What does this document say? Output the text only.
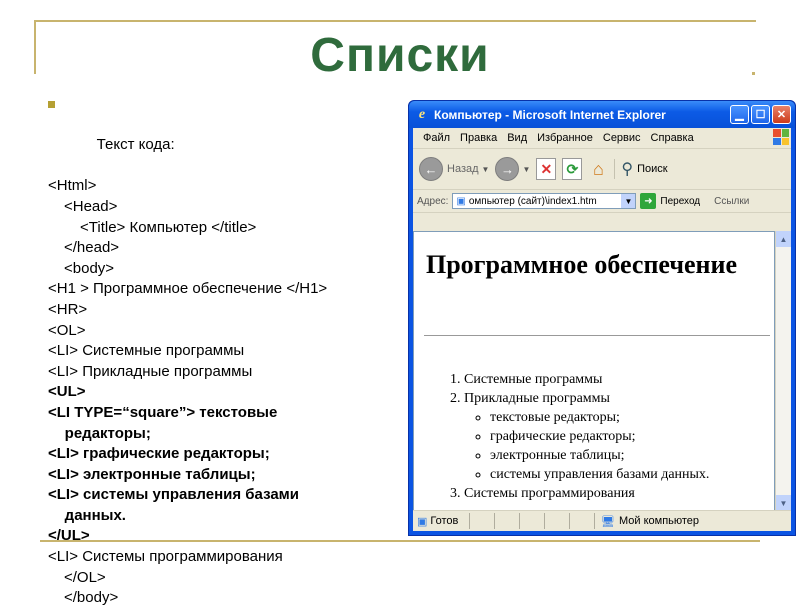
Списки

Текст кода:

<Html>
<Head>
<Title> Компьютер </title>
</head>
<body>
<H1 > Программное обеспечение </H1>
<HR>
<OL>
<LI> Системные программы
<LI> Прикладные программы
<UL>
<LI TYPE=“square”> текстовые
редакторы;
<LI> графические редакторы;
<LI> электронные таблицы;
<LI> системы управления базами
данных.
</UL>
<LI> Системы программирования
</OL>
</body>
e Компьютер - Microsoft Internet Explorer	▁	☐	✕
Файл Правка Вид Избранное Сервис Справка
← Назад ▼ →	▼ ✕ ⟳ ⌂ ⚲ Поиск
Адрес: ▣ омпьютер (сайт)\index1.htm	▼	➜ Переход Ссылки
Программное обеспечение
1. Системные программы
2. Прикладные программы
◦ текстовые редакторы;
◦ графические редакторы;
◦ электронные таблицы;
◦ системы управления базами данных.
3. Системы программирования
▲
▼
▣ Готов	🖥 Мой компьютер
